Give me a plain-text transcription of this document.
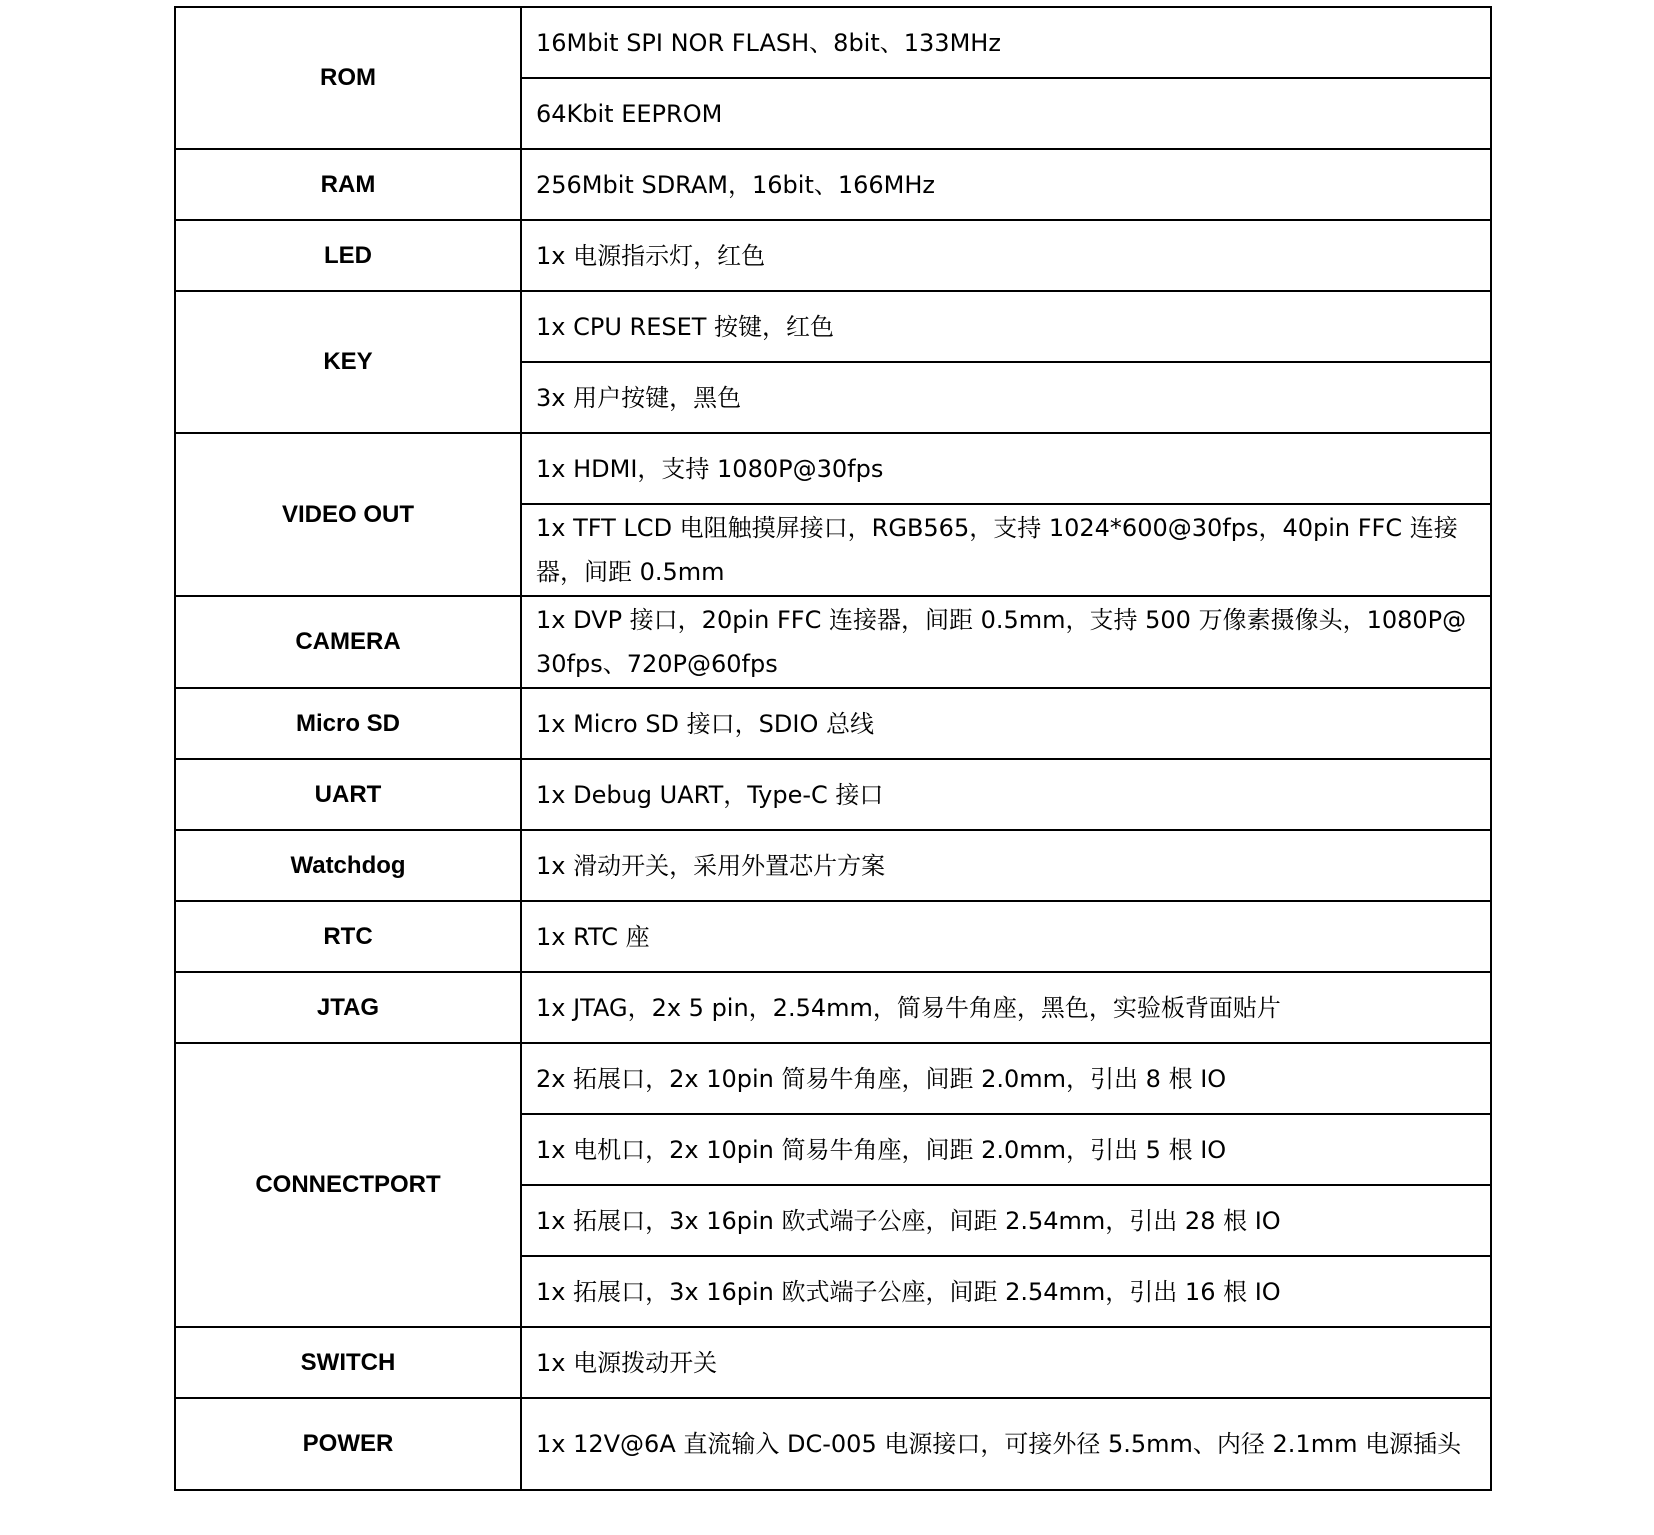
ROM	16Mbit SPI NOR FLASH、8bit、133MHz
	64Kbit EEPROM
RAM	256Mbit SDRAM，16bit、166MHz
LED	1x 电源指示灯，红色
KEY	1x CPU RESET 按键，红色
	3x 用户按键，黑色
VIDEO OUT	1x HDMI，支持 1080P@30fps
	1x TFT LCD 电阻触摸屏接口，RGB565，支持 1024*600@30fps，40pin FFC 连接器，间距 0.5mm
CAMERA	1x DVP 接口，20pin FFC 连接器，间距 0.5mm，支持 500 万像素摄像头，1080P@30fps、720P@60fps
Micro SD	1x Micro SD 接口，SDIO 总线
UART	1x Debug UART，Type-C 接口
Watchdog	1x 滑动开关，采用外置芯片方案
RTC	1x RTC 座
JTAG	1x JTAG，2x 5 pin，2.54mm，简易牛角座，黑色，实验板背面贴片
CONNECTPORT	2x 拓展口，2x 10pin 简易牛角座，间距 2.0mm，引出 8 根 IO
	1x 电机口，2x 10pin 简易牛角座，间距 2.0mm，引出 5 根 IO
	1x 拓展口，3x 16pin 欧式端子公座，间距 2.54mm，引出 28 根 IO
	1x 拓展口，3x 16pin 欧式端子公座，间距 2.54mm，引出 16 根 IO
SWITCH	1x 电源拨动开关
POWER	1x 12V@6A 直流输入 DC-005 电源接口，可接外径 5.5mm、内径 2.1mm 电源插头
